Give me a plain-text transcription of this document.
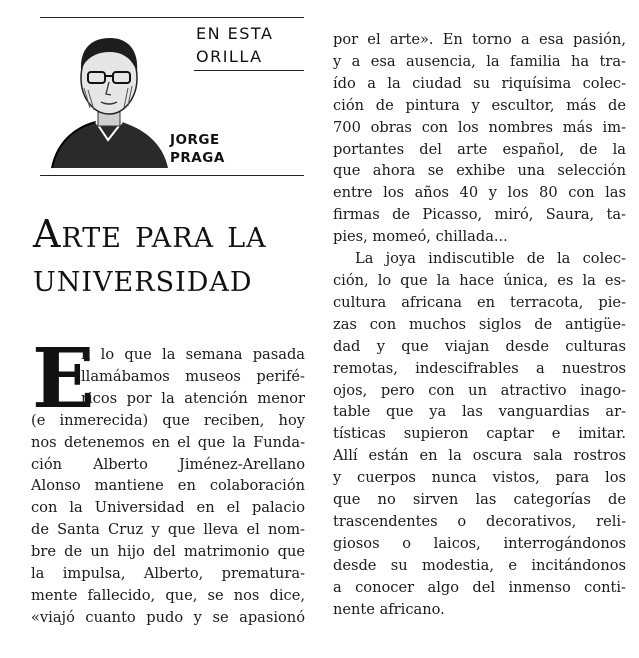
EN ESTA
ORILLA
JORGE
PRAGA
Arte para la
universidad
E
n lo que la semana pasada
llamábamos museos perifé-
ricos por la atención menor
(e inmerecida) que reciben, hoy
nos detenemos en el que la Funda-
ción Alberto Jiménez-Arellano
Alonso mantiene en colaboración
con la Universidad en el palacio
de Santa Cruz y que lleva el nom-
bre de un hijo del matrimonio que
la impulsa, Alberto, prematura-
mente fallecido, que, se nos dice,
«viajó cuanto pudo y se apasionó
por el arte». En torno a esa pasión,
y a esa ausencia, la familia ha tra-
ído a la ciudad su riquísima colec-
ción de pintura y escultor, más de
700 obras con los nombres más im-
portantes del arte español, de la
que ahora se exhibe una selección
entre los años 40 y los 80 con las
firmas de Picasso, miró, Saura, ta-
pies, momeó, chillada...
La joya indiscutible de la colec-
ción, lo que la hace única, es la es-
cultura africana en terracota, pie-
zas con muchos siglos de antigüe-
dad y que viajan desde culturas
remotas, indescifrables a nuestros
ojos, pero con un atractivo inago-
table que ya las vanguardias ar-
tísticas supieron captar e imitar.
Allí están en la oscura sala rostros
y cuerpos nunca vistos, para los
que no sirven las categorías de
trascendentes o decorativos, reli-
giosos o laicos, interrogándonos
desde su modestia, e incitándonos
a conocer algo del inmenso conti-
nente africano.
